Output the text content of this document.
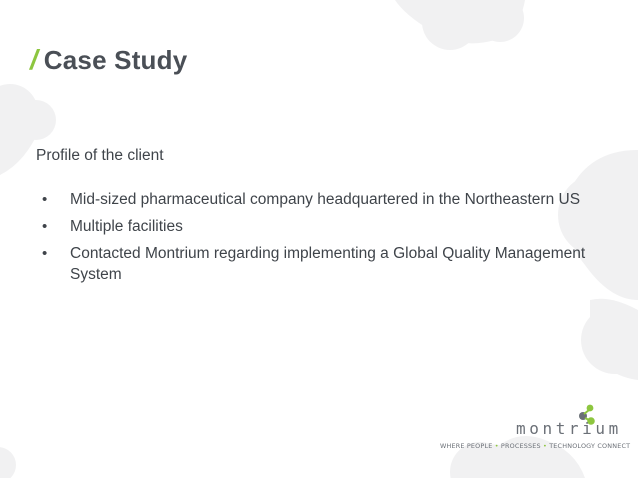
/ Case Study

Profile of the client

• Mid-sized pharmaceutical company headquartered in the Northeastern US
• Multiple facilities
• Contacted Montrium regarding implementing a Global Quality Management System
montrium
WHERE PEOPLE • PROCESSES • TECHNOLOGY CONNECT
